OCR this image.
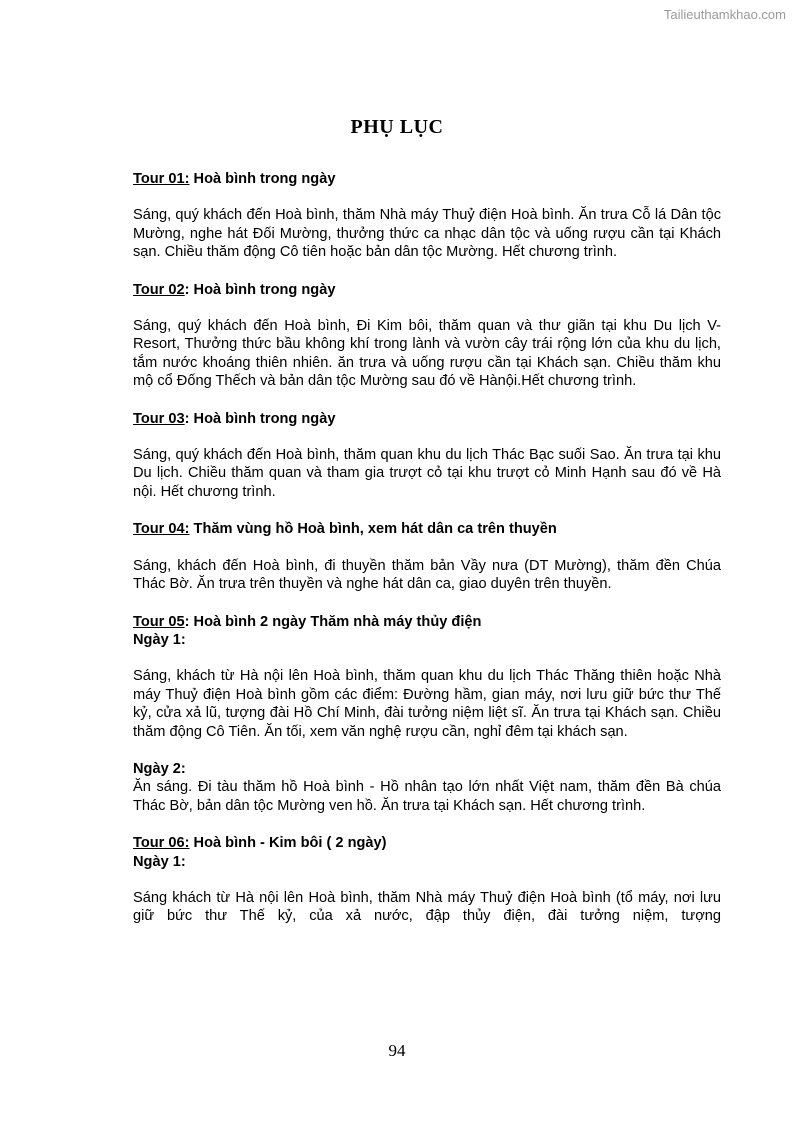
Tailieuthamkhao.com
PHỤ LỤC
Tour 01: Hoà bình trong ngày
Sáng, quý khách đến Hoà bình, thăm Nhà máy Thuỷ điện Hoà bình. Ăn trưa Cỗ lá Dân tộc Mường, nghe hát Đối Mường, thưởng thức ca nhạc dân tộc và uống rượu cần tại Khách sạn. Chiều thăm động Cô tiên hoặc bản dân tộc Mường. Hết chương trình.
Tour 02: Hoà bình trong ngày
Sáng, quý khách đến Hoà bình, Đi Kim bôi, thăm quan và thư giãn tại khu Du lịch V- Resort, Thưởng thức bầu không khí trong lành và vườn cây trái rộng lớn của khu du lịch, tắm nước khoáng thiên nhiên. ăn trưa và uống rượu cần tại Khách sạn. Chiều thăm khu mộ cổ Đống Thếch và bản dân tộc Mường sau đó về Hànội.Hết chương trình.
Tour 03: Hoà bình trong ngày
Sáng, quý khách đến Hoà bình, thăm quan khu du lịch Thác Bạc suối Sao. Ăn trưa tại khu Du lịch. Chiều thăm quan và tham gia trượt cỏ tại khu trượt cỏ Minh Hạnh sau đó về Hà nội. Hết chương trình.
Tour 04: Thăm vùng hồ Hoà bình, xem hát dân ca trên thuyền
Sáng, khách đến Hoà bình, đi thuyền thăm bản Vầy nưa (DT Mường), thăm đền Chúa Thác Bờ. Ăn trưa trên thuyền và nghe hát dân ca, giao duyên trên thuyền.
Tour 05: Hoà bình 2 ngày Thăm nhà máy thủy điện
Ngày 1:
Sáng, khách từ Hà nội lên Hoà bình, thăm quan khu du lịch Thác Thăng thiên hoặc Nhà máy Thuỷ điện Hoà bình gồm các điểm: Đường hầm, gian máy, nơi lưu giữ bức thư Thế kỷ, cửa xả lũ, tượng đài Hồ Chí Minh, đài tưởng niệm liệt sĩ. Ăn trưa tại Khách sạn. Chiều thăm động Cô Tiên. Ăn tối, xem văn nghệ rượu cần, nghỉ đêm tại khách sạn.
Ngày 2:
Ăn sáng. Đi tàu thăm hồ Hoà bình - Hồ nhân tạo lớn nhất Việt nam, thăm đền Bà chúa Thác Bờ, bản dân tộc Mường ven hồ. Ăn trưa tại Khách sạn. Hết chương trình.
Tour 06: Hoà bình - Kim bôi ( 2 ngày)
Ngày 1:
Sáng khách từ Hà nội lên Hoà bình, thăm Nhà máy Thuỷ điện Hoà bình (tổ máy, nơi lưu giữ bức thư Thế kỷ, của xả nước, đập thủy điện, đài tưởng niệm, tượng
94
